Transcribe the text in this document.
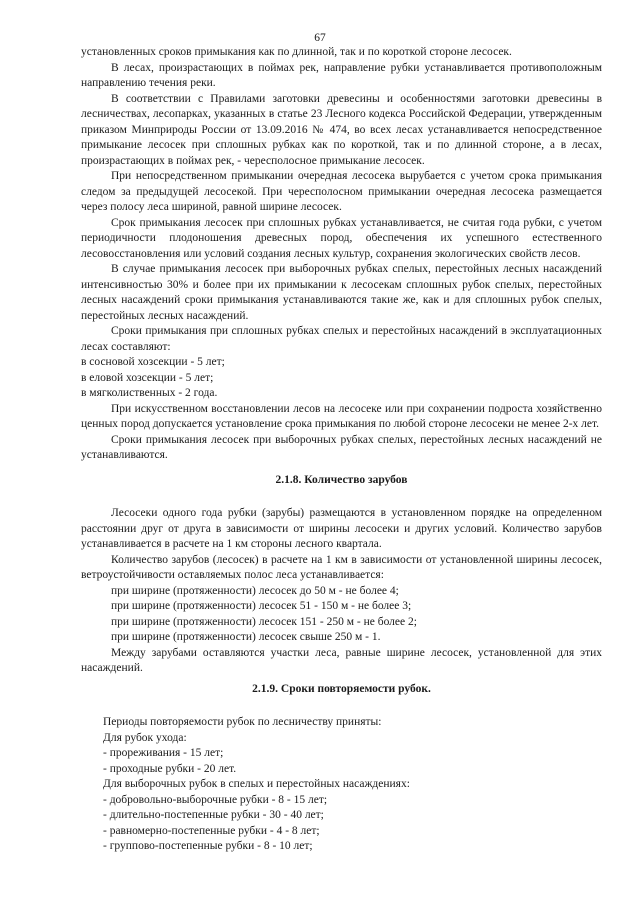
67

установленных сроков примыкания как по длинной, так и по короткой стороне лесосек.

В лесах, произрастающих в поймах рек, направление рубки устанавливается противоположным направлению течения реки.

В соответствии с Правилами заготовки древесины и особенностями заготовки древесины в лесничествах, лесопарках, указанных в статье 23 Лесного кодекса Российской Федерации, утвержденным приказом Минприроды России от 13.09.2016 № 474, во всех лесах устанавливается непосредственное примыкание лесосек при сплошных рубках как по короткой, так и по длинной стороне, а в лесах, произрастающих в поймах рек, - чересполосное примыкание лесосек.

При непосредственном примыкании очередная лесосека вырубается с учетом срока примыкания следом за предыдущей лесосекой. При чересполосном примыкании очередная лесосека размещается через полосу леса шириной, равной ширине лесосек.

Срок примыкания лесосек при сплошных рубках устанавливается, не считая года рубки, с учетом периодичности плодоношения древесных пород, обеспечения их успешного естественного лесовосстановления или условий создания лесных культур, сохранения экологических свойств лесов.

В случае примыкания лесосек при выборочных рубках спелых, перестойных лесных насаждений интенсивностью 30% и более при их примыкании к лесосекам сплошных рубок спелых, перестойных лесных насаждений сроки примыкания устанавливаются такие же, как и для сплошных рубок спелых, перестойных лесных насаждений.

Сроки примыкания при сплошных рубках спелых и перестойных насаждений в эксплуатационных лесах составляют:

в сосновой хозсекции - 5 лет;

в еловой хозсекции - 5 лет;

в мягколиственных - 2 года.

При искусственном восстановлении лесов на лесосеке или при сохранении подроста хозяйственно ценных пород допускается установление срока примыкания по любой стороне лесосеки не менее 2-х лет.

Сроки примыкания лесосек при выборочных рубках спелых, перестойных лесных насаждений не устанавливаются.

2.1.8. Количество зарубов

Лесосеки одного года рубки (зарубы) размещаются в установленном порядке на определенном расстоянии друг от друга в зависимости от ширины лесосеки и других условий. Количество зарубов устанавливается в расчете на 1 км стороны лесного квартала.

Количество зарубов (лесосек) в расчете на 1 км в зависимости от установленной ширины лесосек, ветроустойчивости оставляемых полос леса устанавливается:

при ширине (протяженности) лесосек до 50 м - не более 4;

при ширине (протяженности) лесосек 51 - 150 м - не более 3;

при ширине (протяженности) лесосек 151 - 250 м - не более 2;

при ширине (протяженности) лесосек свыше 250 м - 1.

Между зарубами оставляются участки леса, равные ширине лесосек, установленной для этих насаждений.

2.1.9. Сроки повторяемости рубок.

Периоды повторяемости рубок по лесничеству приняты:

Для рубок ухода:

- прореживания - 15 лет;

- проходные рубки - 20 лет.

Для выборочных рубок в спелых и перестойных насаждениях:

- добровольно-выборочные рубки - 8 - 15 лет;

- длительно-постепенные рубки - 30 - 40 лет;

- равномерно-постепенные рубки - 4 - 8 лет;

- группово-постепенные рубки - 8 - 10 лет;
